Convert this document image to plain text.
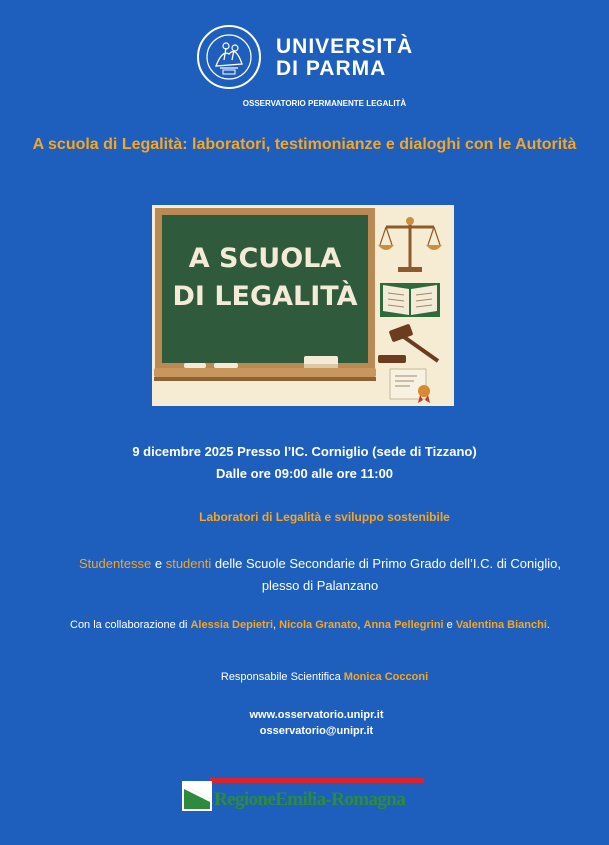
UNIVERSITÀ
DI PARMA
OSSERVATORIO PERMANENTE LEGALITÀ
A scuola di Legalità: laboratori, testimonianze e dialoghi con le Autorità
A SCUOLA
DI LEGALITÀ
9 dicembre 2025 Presso l’IC. Corniglio (sede di Tizzano)
Dalle ore 09:00 alle ore 11:00
Laboratori di Legalità e sviluppo sostenibile
Studentesse e studenti delle Scuole Secondarie di Primo Grado dell’I.C. di Coniglio, plesso di Palanzano
Con la collaborazione di Alessia Depietri, Nicola Granato, Anna Pellegrini e Valentina Bianchi.
Responsabile Scientifica Monica Cocconi
www.osservatorio.unipr.it
osservatorio@unipr.it
RegioneEmilia-Romagna
